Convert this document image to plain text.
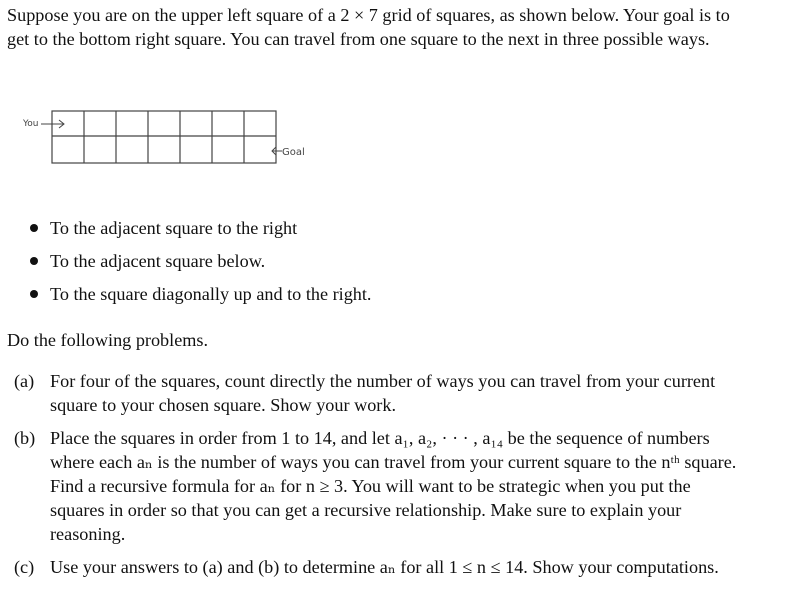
Suppose you are on the upper left square of a 2 × 7 grid of squares, as shown below. Your goal is to get to the bottom right square. You can travel from one square to the next in three possible ways.
You
Goal
To the adjacent square to the right
To the adjacent square below.
To the square diagonally up and to the right.
Do the following problems.
(a) For four of the squares, count directly the number of ways you can travel from your current square to your chosen square. Show your work.
(b) Place the squares in order from 1 to 14, and let a₁, a₂, · · · , a₁₄ be the sequence of numbers where each aₙ is the number of ways you can travel from your current square to the nᵗʰ square. Find a recursive formula for aₙ for n ≥ 3. You will want to be strategic when you put the squares in order so that you can get a recursive relationship. Make sure to explain your reasoning.
(c) Use your answers to (a) and (b) to determine aₙ for all 1 ≤ n ≤ 14. Show your computations.
